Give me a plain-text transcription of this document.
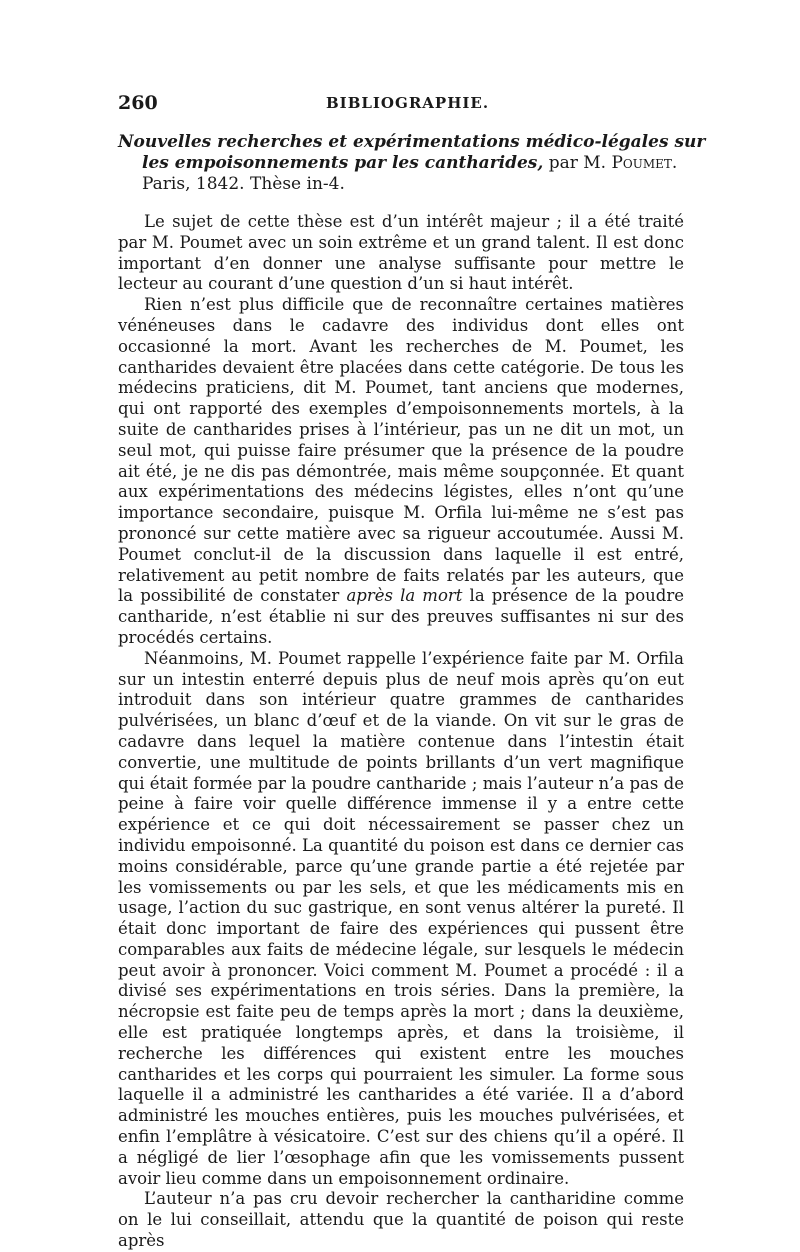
260	BIBLIOGRAPHIE.
Nouvelles recherches et expérimentations médico-légales sur
les empoisonnements par les cantharides, par M. Poumet.
Paris, 1842. Thèse in-4.

Le sujet de cette thèse est d’un intérêt majeur ; il a été traité par M. Poumet avec un soin extrême et un grand talent. Il est donc important d’en donner une analyse suffisante pour mettre le lecteur au courant d’une question d’un si haut intérêt.

Rien n’est plus difficile que de reconnaître certaines matières vénéneuses dans le cadavre des individus dont elles ont occasionné la mort. Avant les recherches de M. Poumet, les cantharides devaient être placées dans cette catégorie. De tous les médecins praticiens, dit M. Poumet, tant anciens que modernes, qui ont rapporté des exemples d’empoisonnements mortels, à la suite de cantharides prises à l’intérieur, pas un ne dit un mot, un seul mot, qui puisse faire présumer que la présence de la poudre ait été, je ne dis pas démontrée, mais même soupçonnée. Et quant aux expérimentations des médecins légistes, elles n’ont qu’une importance secondaire, puisque M. Orfila lui-même ne s’est pas prononcé sur cette matière avec sa rigueur accoutumée. Aussi M. Poumet conclut-il de la discussion dans laquelle il est entré, relativement au petit nombre de faits relatés par les auteurs, que la possibilité de constater après la mort la présence de la poudre cantharide, n’est établie ni sur des preuves suffisantes ni sur des procédés certains.

Néanmoins, M. Poumet rappelle l’expérience faite par M. Orfila sur un intestin enterré depuis plus de neuf mois après qu’on eut introduit dans son intérieur quatre grammes de cantharides pulvérisées, un blanc d’œuf et de la viande. On vit sur le gras de cadavre dans lequel la matière contenue dans l’intestin était convertie, une multitude de points brillants d’un vert magnifique qui était formée par la poudre cantharide ; mais l’auteur n’a pas de peine à faire voir quelle différence immense il y a entre cette expérience et ce qui doit nécessairement se passer chez un individu empoisonné. La quantité du poison est dans ce dernier cas moins considérable, parce qu’une grande partie a été rejetée par les vomissements ou par les sels, et que les médicaments mis en usage, l’action du suc gastrique, en sont venus altérer la pureté. Il était donc important de faire des expériences qui pussent être comparables aux faits de médecine légale, sur lesquels le médecin peut avoir à prononcer. Voici comment M. Poumet a procédé : il a divisé ses expérimentations en trois séries. Dans la première, la nécropsie est faite peu de temps après la mort ; dans la deuxième, elle est pratiquée longtemps après, et dans la troisième, il recherche les différences qui existent entre les mouches cantharides et les corps qui pourraient les simuler. La forme sous laquelle il a administré les cantharides a été variée. Il a d’abord administré les mouches entières, puis les mouches pulvérisées, et enfin l’emplâtre à vésicatoire. C’est sur des chiens qu’il a opéré. Il a négligé de lier l’œsophage afin que les vomissements pussent avoir lieu comme dans un empoisonnement ordinaire.

L’auteur n’a pas cru devoir rechercher la cantharidine comme on le lui conseillait, attendu que la quantité de poison qui reste après
